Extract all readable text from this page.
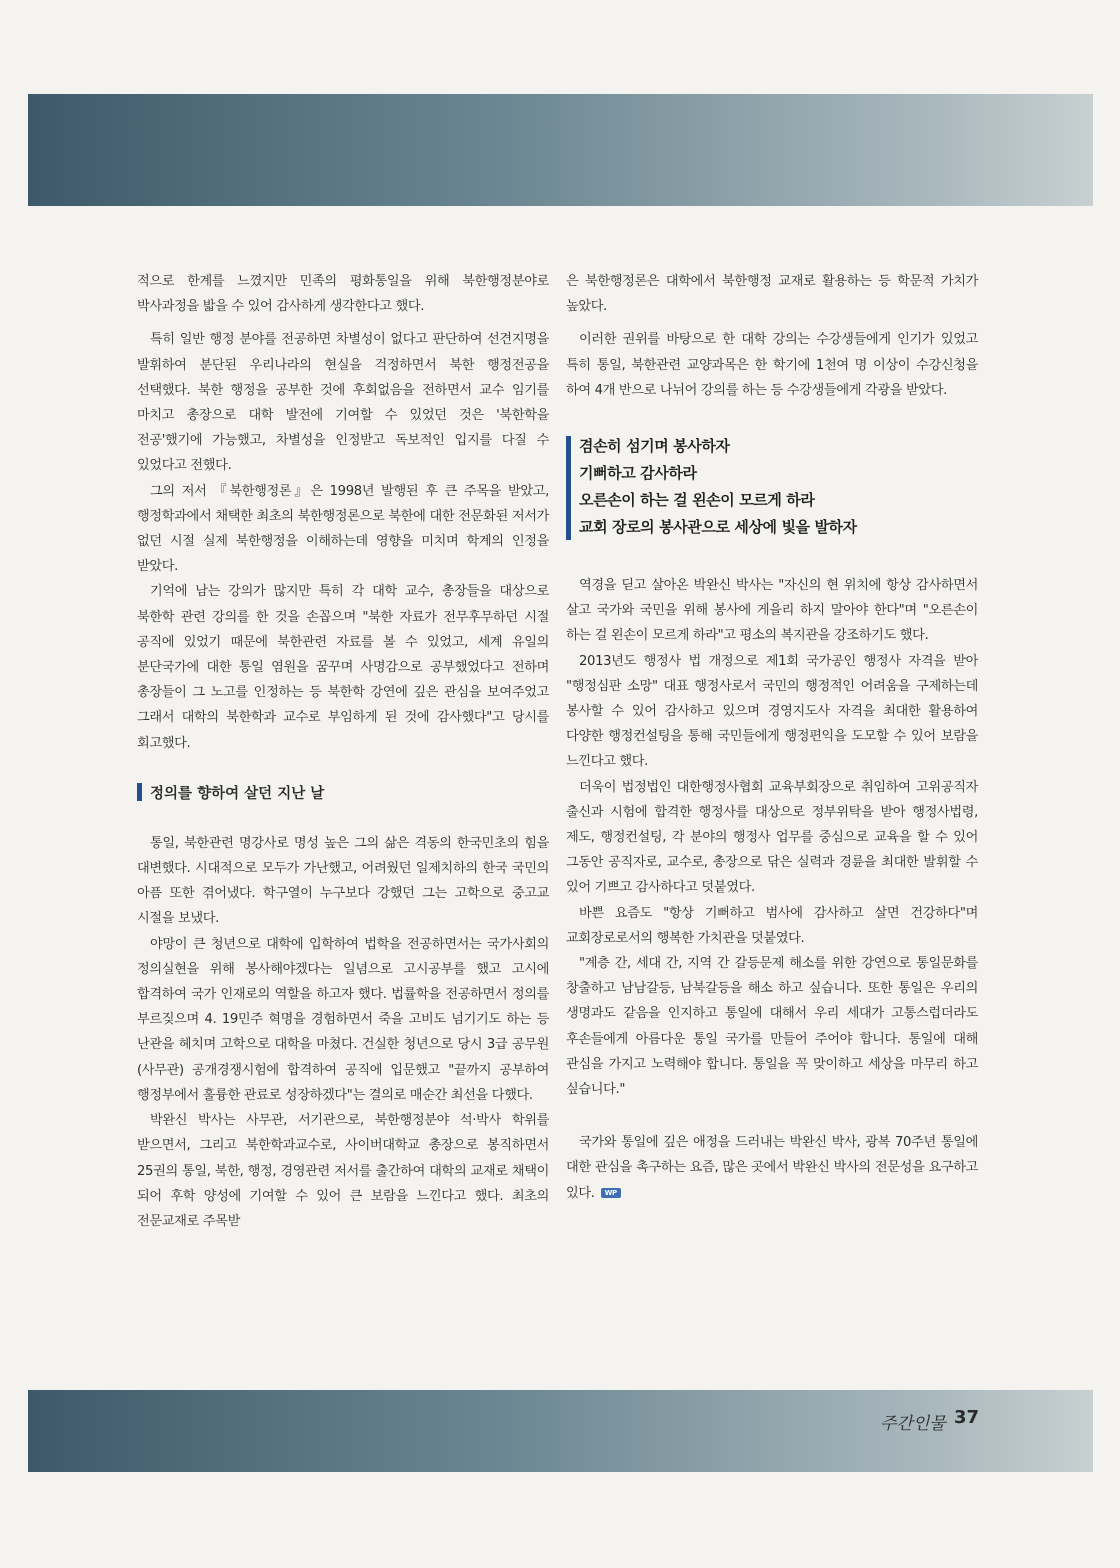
적으로 한계를 느꼈지만 민족의 평화통일을 위해 북한행정분야로 박사과정을 밟을 수 있어 감사하게 생각한다고 했다.

특히 일반 행정 분야를 전공하면 차별성이 없다고 판단하여 선견지명을 발휘하여 분단된 우리나라의 현실을 걱정하면서 북한 행정전공을 선택했다. 북한 행정을 공부한 것에 후회없음을 전하면서 교수 임기를 마치고 총장으로 대학 발전에 기여할 수 있었던 것은 '북한학을 전공'했기에 가능했고, 차별성을 인정받고 독보적인 입지를 다질 수 있었다고 전했다.

그의 저서 『북한행정론』은 1998년 발행된 후 큰 주목을 받았고, 행정학과에서 채택한 최초의 북한행정론으로 북한에 대한 전문화된 저서가 없던 시절 실제 북한행정을 이해하는데 영향을 미치며 학계의 인정을 받았다.

기억에 남는 강의가 많지만 특히 각 대학 교수, 총장들을 대상으로 북한학 관련 강의를 한 것을 손꼽으며 "북한 자료가 전무후무하던 시절 공직에 있었기 때문에 북한관련 자료를 볼 수 있었고, 세계 유일의 분단국가에 대한 통일 염원을 꿈꾸며 사명감으로 공부했었다고 전하며 총장들이 그 노고를 인정하는 등 북한학 강연에 깊은 관심을 보여주었고 그래서 대학의 북한학과 교수로 부임하게 된 것에 감사했다"고 당시를 회고했다.

정의를 향하여 살던 지난 날

통일, 북한관련 명강사로 명성 높은 그의 삶은 격동의 한국민초의 힘을 대변했다. 시대적으로 모두가 가난했고, 어려웠던 일제치하의 한국 국민의 아픔 또한 겪어냈다. 학구열이 누구보다 강했던 그는 고학으로 중고교 시절을 보냈다.

야망이 큰 청년으로 대학에 입학하여 법학을 전공하면서는 국가사회의 정의실현을 위해 봉사해야겠다는 일념으로 고시공부를 했고 고시에 합격하여 국가 인재로의 역할을 하고자 했다. 법률학을 전공하면서 정의를 부르짖으며 4. 19민주 혁명을 경험하면서 죽을 고비도 넘기기도 하는 등 난관을 헤치며 고학으로 대학을 마쳤다. 건실한 청년으로 당시 3급 공무원(사무관) 공개경쟁시험에 합격하여 공직에 입문했고 "끝까지 공부하여 행정부에서 훌륭한 관료로 성장하겠다"는 결의로 매순간 최선을 다했다.

박완신 박사는 사무관, 서기관으로, 북한행정분야 석·박사 학위를 받으면서, 그리고 북한학과교수로, 사이버대학교 총장으로 봉직하면서 25권의 통일, 북한, 행정, 경영관련 저서를 출간하여 대학의 교재로 채택이 되어 후학 양성에 기여할 수 있어 큰 보람을 느낀다고 했다. 최초의 전문교재로 주목받

은 북한행정론은 대학에서 북한행정 교재로 활용하는 등 학문적 가치가 높았다.

이러한 권위를 바탕으로 한 대학 강의는 수강생들에게 인기가 있었고 특히 통일, 북한관련 교양과목은 한 학기에 1천여 명 이상이 수강신청을 하여 4개 반으로 나뉘어 강의를 하는 등 수강생들에게 각광을 받았다.

겸손히 섬기며 봉사하자
기뻐하고 감사하라
오른손이 하는 걸 왼손이 모르게 하라
교회 장로의 봉사관으로 세상에 빛을 발하자

역경을 딛고 살아온 박완신 박사는 "자신의 현 위치에 항상 감사하면서 살고 국가와 국민을 위해 봉사에 게을리 하지 말아야 한다"며 "오른손이 하는 걸 왼손이 모르게 하라"고 평소의 복지관을 강조하기도 했다.

2013년도 행정사 법 개정으로 제1회 국가공인 행정사 자격을 받아 "행정심판 소망" 대표 행정사로서 국민의 행정적인 어려움을 구제하는데 봉사할 수 있어 감사하고 있으며 경영지도사 자격을 최대한 활용하여 다양한 행정컨설팅을 통해 국민들에게 행정편익을 도모할 수 있어 보람을 느낀다고 했다.

더욱이 법정법인 대한행정사협회 교육부회장으로 취임하여 고위공직자 출신과 시험에 합격한 행정사를 대상으로 정부위탁을 받아 행정사법령, 제도, 행정컨설팅, 각 분야의 행정사 업무를 중심으로 교육을 할 수 있어 그동안 공직자로, 교수로, 총장으로 닦은 실력과 경륜을 최대한 발휘할 수 있어 기쁘고 감사하다고 덧붙였다.

바쁜 요즘도 "항상 기뻐하고 범사에 감사하고 살면 건강하다"며 교회장로로서의 행복한 가치관을 덧붙였다.

"계층 간, 세대 간, 지역 간 갈등문제 해소를 위한 강연으로 통일문화를 창출하고 남남갈등, 남북갈등을 해소 하고 싶습니다. 또한 통일은 우리의 생명과도 같음을 인지하고 통일에 대해서 우리 세대가 고통스럽더라도 후손들에게 아름다운 통일 국가를 만들어 주어야 합니다. 통일에 대해 관심을 가지고 노력해야 합니다. 통일을 꼭 맞이하고 세상을 마무리 하고 싶습니다."

국가와 통일에 깊은 애정을 드러내는 박완신 박사, 광복 70주년 통일에 대한 관심을 촉구하는 요즘, 많은 곳에서 박완신 박사의 전문성을 요구하고 있다. WP

주간인물 37
